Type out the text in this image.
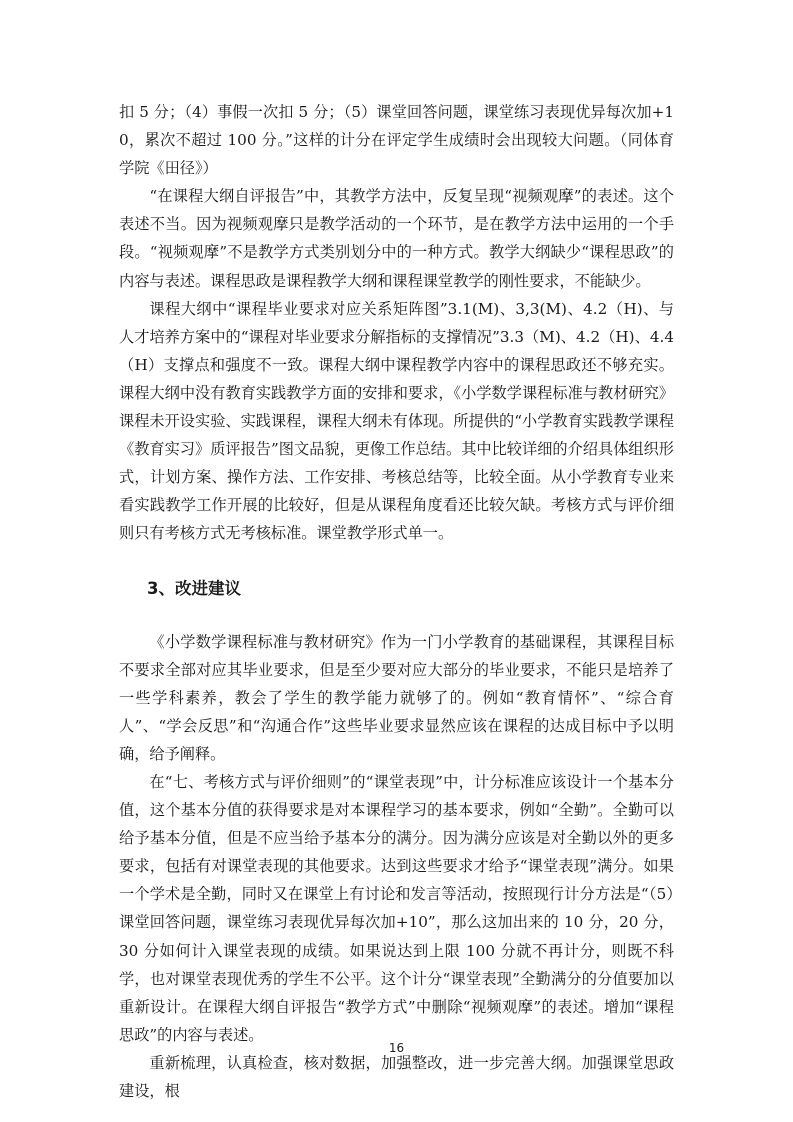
扣 5 分；（4）事假一次扣 5 分；（5）课堂回答问题，课堂练习表现优异每次加+10，累次不超过 100 分。”这样的计分在评定学生成绩时会出现较大问题。（同体育学院《田径》）

“在课程大纲自评报告”中，其教学方法中，反复呈现“视频观摩”的表述。这个表述不当。因为视频观摩只是教学活动的一个环节，是在教学方法中运用的一个手段。“视频观摩”不是教学方式类别划分中的一种方式。教学大纲缺少“课程思政”的内容与表述。课程思政是课程教学大纲和课程课堂教学的刚性要求，不能缺少。

课程大纲中“课程毕业要求对应关系矩阵图”3.1(M)、3,3(M)、4.2（H)、与人才培养方案中的“课程对毕业要求分解指标的支撑情况”3.3（M)、4.2（H)、4.4（H）支撑点和强度不一致。课程大纲中课程教学内容中的课程思政还不够充实。课程大纲中没有教育实践教学方面的安排和要求，《小学数学课程标准与教材研究》课程未开设实验、实践课程，课程大纲未有体现。所提供的“小学教育实践教学课程《教育实习》质评报告”图文品貌，更像工作总结。其中比较详细的介绍具体组织形式，计划方案、操作方法、工作安排、考核总结等，比较全面。从小学教育专业来看实践教学工作开展的比较好，但是从课程角度看还比较欠缺。考核方式与评价细则只有考核方式无考核标准。课堂教学形式单一。

3、改进建议

《小学数学课程标准与教材研究》作为一门小学教育的基础课程，其课程目标不要求全部对应其毕业要求，但是至少要对应大部分的毕业要求，不能只是培养了一些学科素养，教会了学生的教学能力就够了的。例如“教育情怀”、“综合育人”、“学会反思”和“沟通合作”这些毕业要求显然应该在课程的达成目标中予以明确，给予阐释。

在“七、考核方式与评价细则”的“课堂表现”中，计分标准应该设计一个基本分值，这个基本分值的获得要求是对本课程学习的基本要求，例如“全勤”。全勤可以给予基本分值，但是不应当给予基本分的满分。因为满分应该是对全勤以外的更多要求，包括有对课堂表现的其他要求。达到这些要求才给予“课堂表现”满分。如果一个学术是全勤，同时又在课堂上有讨论和发言等活动，按照现行计分方法是“（5）课堂回答问题，课堂练习表现优异每次加+10”，那么这加出来的 10 分，20 分，30 分如何计入课堂表现的成绩。如果说达到上限 100 分就不再计分，则既不科学，也对课堂表现优秀的学生不公平。这个计分“课堂表现”全勤满分的分值要加以重新设计。在课程大纲自评报告“教学方式”中删除“视频观摩”的表述。增加“课程思政”的内容与表述。

重新梳理，认真检查，核对数据，加强整改，进一步完善大纲。加强课堂思政建设，根

16
